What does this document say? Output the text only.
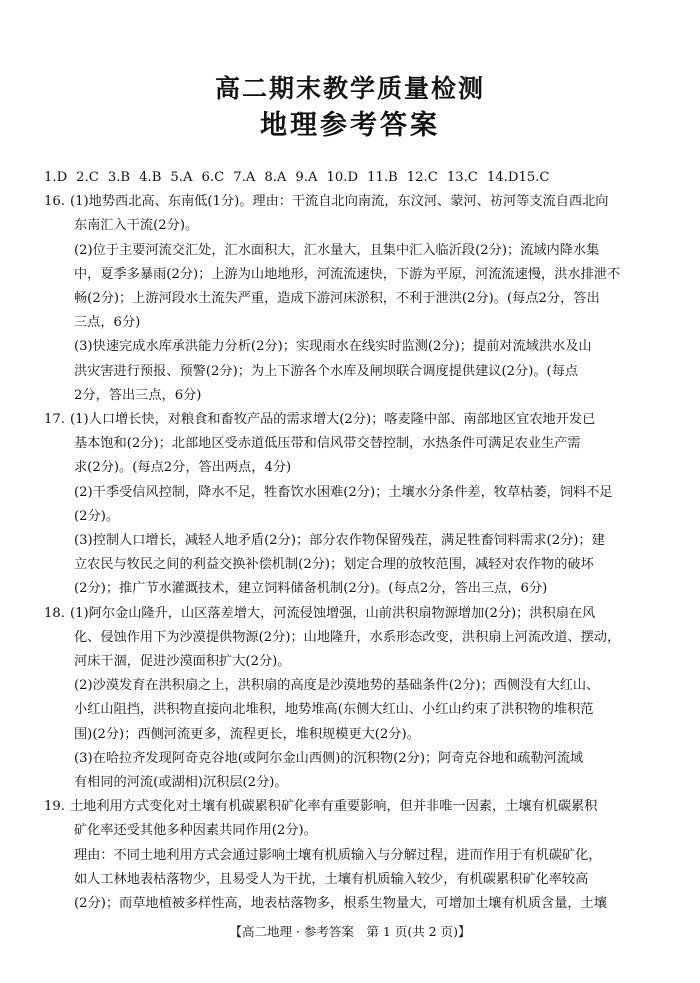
高二期末教学质量检测
地理参考答案
1.D 2.C 3.B 4.B 5.A 6.C 7.A 8.A 9.A 10.D 11.B 12.C 13.C 14.D 15.C
16. (1)地势西北高、东南低(1分)。理由：干流自北向南流，东汶河、蒙河、祊河等支流自西北向
东南汇入干流(2分)。
(2)位于主要河流交汇处，汇水面积大，汇水量大，且集中汇入临沂段(2分)；流域内降水集
中，夏季多暴雨(2分)；上游为山地地形，河流流速快，下游为平原，河流流速慢，洪水排泄不
畅(2分)；上游河段水土流失严重，造成下游河床淤积，不利于泄洪(2分)。(每点2分，答出
三点，6分)
(3)快速完成水库承洪能力分析(2分)；实现雨水在线实时监测(2分)；提前对流域洪水及山
洪灾害进行预报、预警(2分)；为上下游各个水库及闸坝联合调度提供建议(2分)。(每点
2分，答出三点，6分)
17. (1)人口增长快，对粮食和畜牧产品的需求增大(2分)；喀麦隆中部、南部地区宜农地开发已
基本饱和(2分)；北部地区受赤道低压带和信风带交替控制，水热条件可满足农业生产需
求(2分)。(每点2分，答出两点，4分)
(2)干季受信风控制，降水不足，牲畜饮水困难(2分)；土壤水分条件差，牧草枯萎，饲料不足
(2分)。
(3)控制人口增长，减轻人地矛盾(2分)；部分农作物保留残茬，满足牲畜饲料需求(2分)；建
立农民与牧民之间的利益交换补偿机制(2分)；划定合理的放牧范围，减轻对农作物的破坏
(2分)；推广节水灌溉技术，建立饲料储备机制(2分)。(每点2分，答出三点，6分)
18. (1)阿尔金山隆升，山区落差增大，河流侵蚀增强，山前洪积扇物源增加(2分)；洪积扇在风
化、侵蚀作用下为沙漠提供物源(2分)；山地隆升，水系形态改变，洪积扇上河流改道、摆动，
河床干涸，促进沙漠面积扩大(2分)。
(2)沙漠发育在洪积扇之上，洪积扇的高度是沙漠地势的基础条件(2分)；西侧没有大红山、
小红山阻挡，洪积物直接向北堆积，地势堆高(东侧大红山、小红山约束了洪积物的堆积范
围)(2分)；西侧河流更多，流程更长，堆积规模更大(2分)。
(3)在哈拉齐发现阿奇克谷地(或阿尔金山西侧)的沉积物(2分)；阿奇克谷地和疏勒河流域
有相同的河流(或湖相)沉积层(2分)。
19. 土地利用方式变化对土壤有机碳累积矿化率有重要影响，但并非唯一因素，土壤有机碳累积
矿化率还受其他多种因素共同作用(2分)。
理由：不同土地利用方式会通过影响土壤有机质输入与分解过程，进而作用于有机碳矿化，
如人工林地表枯落物少，且易受人为干扰，土壤有机质输入较少，有机碳累积矿化率较高
(2分)；而草地植被多样性高，地表枯落物多，根系生物量大，可增加土壤有机质含量，土壤
【高二地理 · 参考答案　第 1 页(共 2 页)】
